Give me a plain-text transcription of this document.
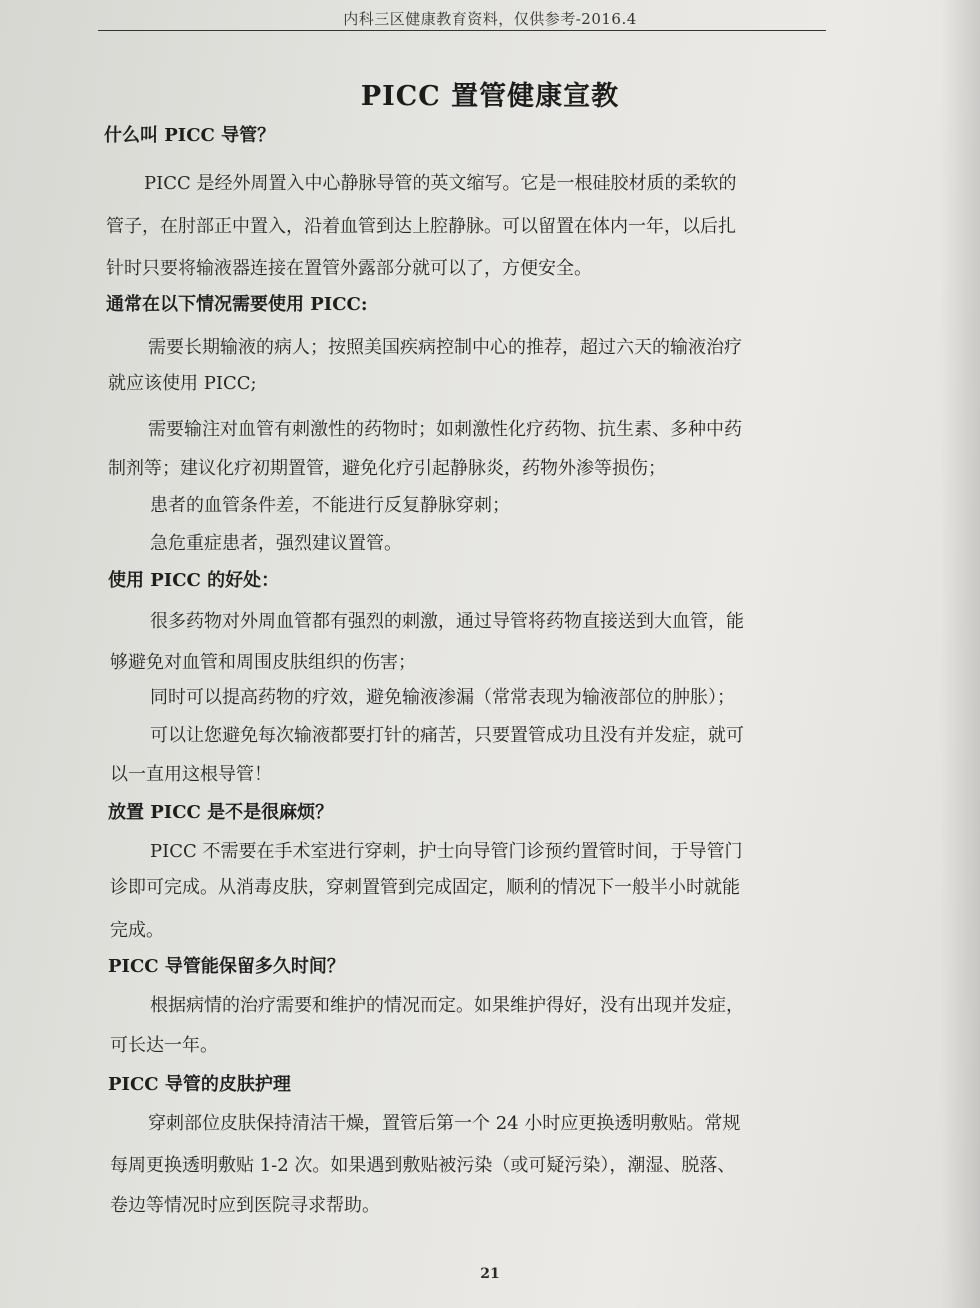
内科三区健康教育资料，仅供参考-2016.4
PICC 置管健康宣教
什么叫 PICC 导管？
PICC 是经外周置入中心静脉导管的英文缩写。它是一根硅胶材质的柔软的
管子，在肘部正中置入，沿着血管到达上腔静脉。可以留置在体内一年，以后扎
针时只要将输液器连接在置管外露部分就可以了，方便安全。
通常在以下情况需要使用 PICC:
需要长期输液的病人；按照美国疾病控制中心的推荐，超过六天的输液治疗
就应该使用 PICC;
需要输注对血管有刺激性的药物时；如刺激性化疗药物、抗生素、多种中药
制剂等；建议化疗初期置管，避免化疗引起静脉炎，药物外渗等损伤；
患者的血管条件差，不能进行反复静脉穿刺；
急危重症患者，强烈建议置管。
使用 PICC 的好处：
很多药物对外周血管都有强烈的刺激，通过导管将药物直接送到大血管，能
够避免对血管和周围皮肤组织的伤害；
同时可以提高药物的疗效，避免输液渗漏（常常表现为输液部位的肿胀）；
可以让您避免每次输液都要打针的痛苦，只要置管成功且没有并发症，就可
以一直用这根导管！
放置 PICC 是不是很麻烦？
PICC 不需要在手术室进行穿刺，护士向导管门诊预约置管时间，于导管门
诊即可完成。从消毒皮肤，穿刺置管到完成固定，顺利的情况下一般半小时就能
完成。
PICC 导管能保留多久时间？
根据病情的治疗需要和维护的情况而定。如果维护得好，没有出现并发症，
可长达一年。
PICC 导管的皮肤护理
穿刺部位皮肤保持清洁干燥，置管后第一个 24 小时应更换透明敷贴。常规
每周更换透明敷贴 1-2 次。如果遇到敷贴被污染（或可疑污染），潮湿、脱落、
卷边等情况时应到医院寻求帮助。
21
